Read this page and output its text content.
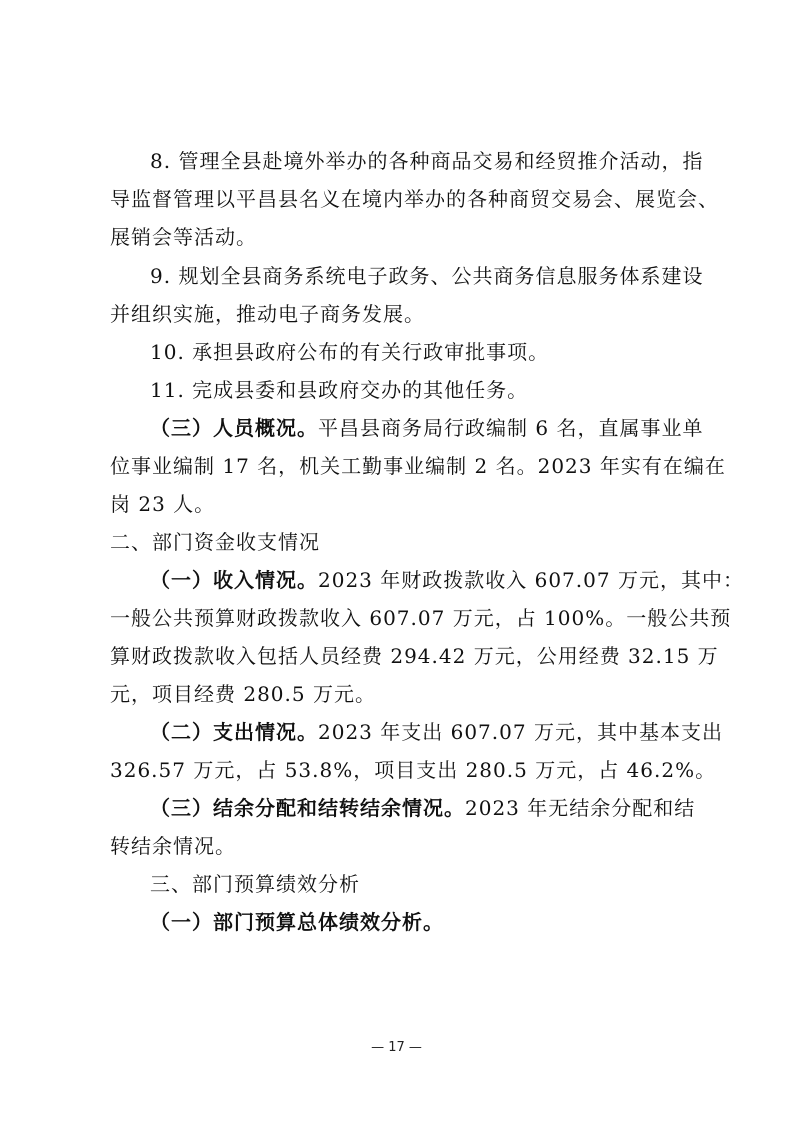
8. 管理全县赴境外举办的各种商品交易和经贸推介活动，指

导监督管理以平昌县名义在境内举办的各种商贸交易会、展览会、

展销会等活动。

9. 规划全县商务系统电子政务、公共商务信息服务体系建设

并组织实施，推动电子商务发展。

10. 承担县政府公布的有关行政审批事项。

11. 完成县委和县政府交办的其他任务。

（三）人员概况。平昌县商务局行政编制 6 名，直属事业单

位事业编制 17 名，机关工勤事业编制 2 名。2023 年实有在编在

岗 23 人。

二、部门资金收支情况

（一）收入情况。2023 年财政拨款收入 607.07 万元，其中：

一般公共预算财政拨款收入 607.07 万元，占 100%。一般公共预

算财政拨款收入包括人员经费 294.42 万元，公用经费 32.15 万

元，项目经费 280.5 万元。

（二）支出情况。2023 年支出 607.07 万元，其中基本支出

326.57 万元，占 53.8%，项目支出 280.5 万元，占 46.2%。

（三）结余分配和结转结余情况。2023 年无结余分配和结

转结余情况。

三、部门预算绩效分析

（一）部门预算总体绩效分析。

— 17 —
